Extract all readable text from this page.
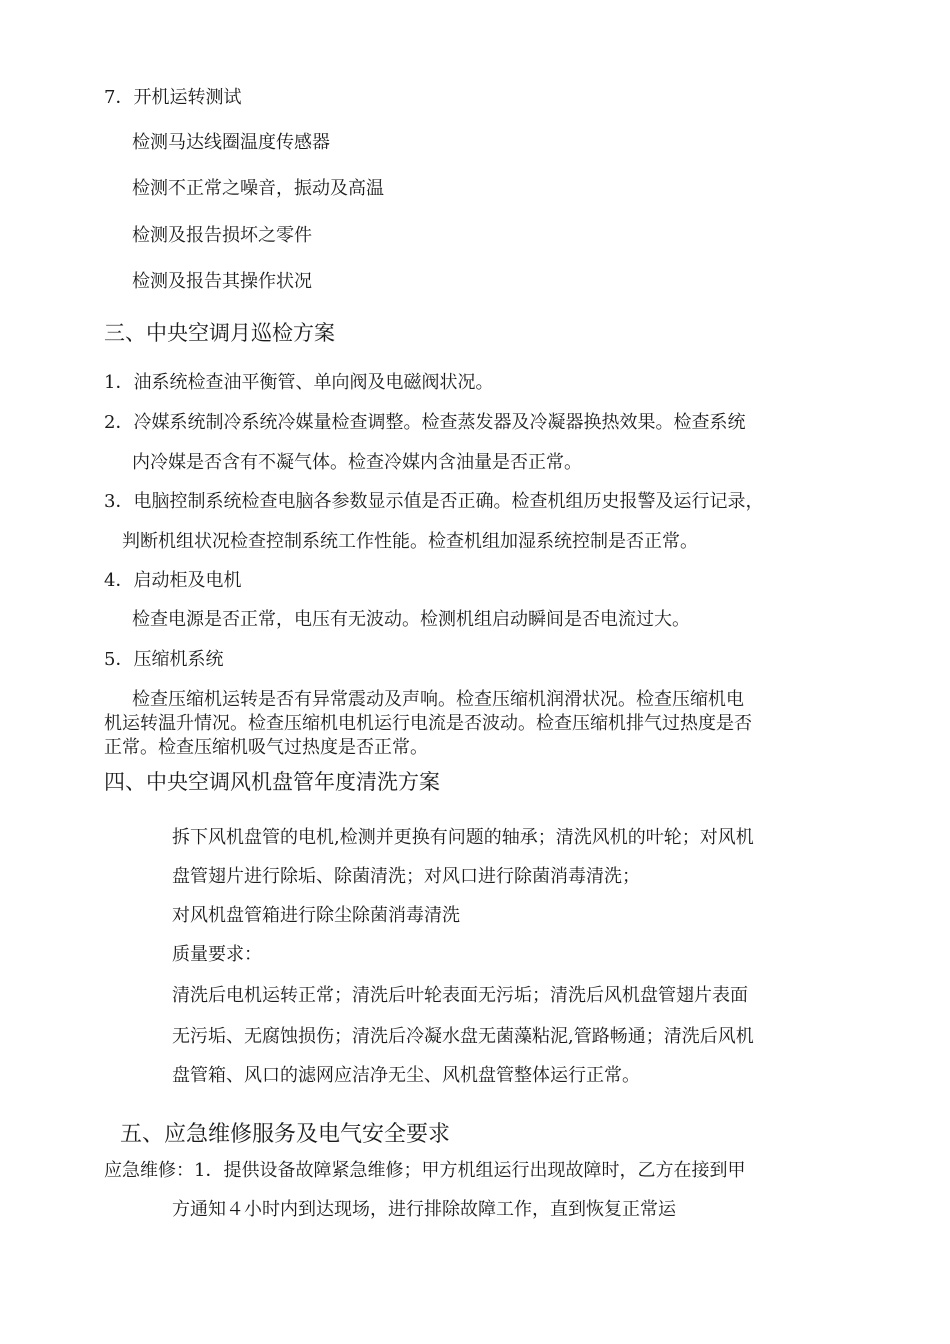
7．开机运转测试
检测马达线圈温度传感器
检测不正常之噪音，振动及高温
检测及报告损坏之零件
检测及报告其操作状况
三、中央空调月巡检方案
1．油系统检查油平衡管、单向阀及电磁阀状况。
2．冷媒系统制冷系统冷媒量检查调整。检查蒸发器及冷凝器换热效果。检查系统
内冷媒是否含有不凝气体。检查冷媒内含油量是否正常。
3．电脑控制系统检查电脑各参数显示值是否正确。检查机组历史报警及运行记录，
判断机组状况检查控制系统工作性能。检查机组加湿系统控制是否正常。
4．启动柜及电机
检查电源是否正常，电压有无波动。检测机组启动瞬间是否电流过大。
5．压缩机系统
检查压缩机运转是否有异常震动及声响。检查压缩机润滑状况。检查压缩机电
机运转温升情况。检查压缩机电机运行电流是否波动。检查压缩机排气过热度是否
正常。检查压缩机吸气过热度是否正常。
四、中央空调风机盘管年度清洗方案
拆下风机盘管的电机,检测并更换有问题的轴承；清洗风机的叶轮；对风机
盘管翅片进行除垢、除菌清洗；对风口进行除菌消毒清洗；
对风机盘管箱进行除尘除菌消毒清洗
质量要求：
清洗后电机运转正常；清洗后叶轮表面无污垢；清洗后风机盘管翅片表面
无污垢、无腐蚀损伤；清洗后冷凝水盘无菌藻粘泥,管路畅通；清洗后风机
盘管箱、风口的滤网应洁净无尘、风机盘管整体运行正常。
五、应急维修服务及电气安全要求
应急维修：1．提供设备故障紧急维修；甲方机组运行出现故障时，乙方在接到甲
方通知４小时内到达现场，进行排除故障工作，直到恢复正常运
